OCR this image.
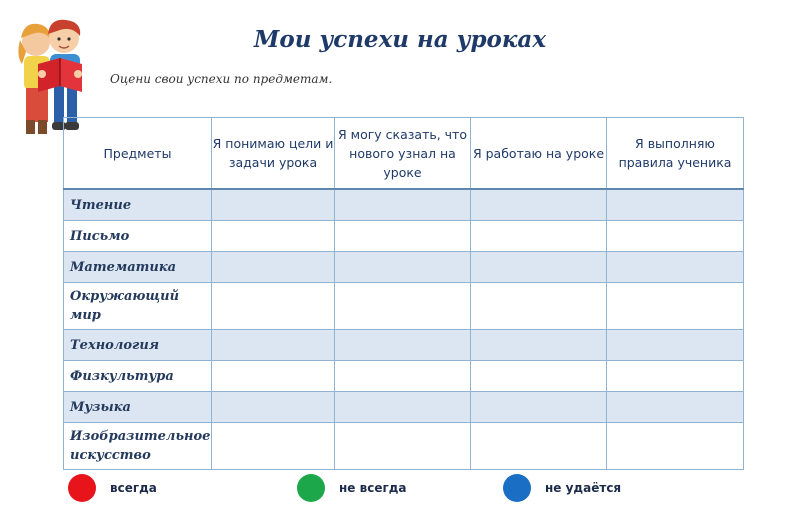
Мои успехи на уроках
Оцени свои успехи по предметам.
Предметы	Я понимаю цели и задачи урока	Я могу сказать, что нового узнал на уроке	Я работаю на уроке	Я выполняю правила ученика
Чтение				
Письмо				
Математика				
Окружающий мир				
Технология				
Физкультура				
Музыка				
Изобразительное искусство				
всегда	не всегда	не удаётся
